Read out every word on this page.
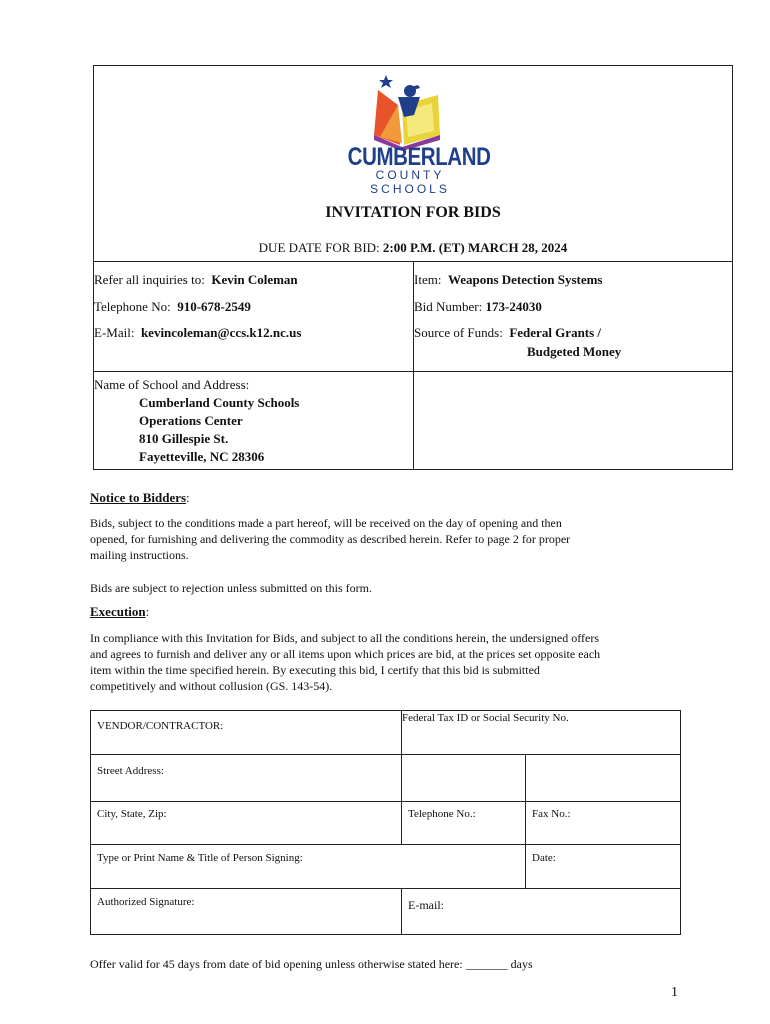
CUMBERLAND
COUNTY SCHOOLS
INVITATION FOR BIDS
DUE DATE FOR BID: 2:00 P.M. (ET) MARCH 28, 2024
Refer all inquiries to: Kevin Coleman
Telephone No: 910-678-2549
E-Mail: kevincoleman@ccs.k12.nc.us
Item: Weapons Detection Systems
Bid Number: 173-24030
Source of Funds: Federal Grants /
Budgeted Money
Name of School and Address:
Cumberland County Schools
Operations Center
810 Gillespie St.
Fayetteville, NC 28306
Notice to Bidders:
Bids, subject to the conditions made a part hereof, will be received on the day of opening and then
opened, for furnishing and delivering the commodity as described herein. Refer to page 2 for proper
mailing instructions.
Bids are subject to rejection unless submitted on this form.
Execution:
In compliance with this Invitation for Bids, and subject to all the conditions herein, the undersigned offers
and agrees to furnish and deliver any or all items upon which prices are bid, at the prices set opposite each
item within the time specified herein. By executing this bid, I certify that this bid is submitted
competitively and without collusion (GS. 143-54).
VENDOR/CONTRACTOR:
Federal Tax ID or Social Security No.
Street Address:
City, State, Zip:	Telephone No.:	Fax No.:
Type or Print Name & Title of Person Signing:	Date:
Authorized Signature:	E-mail:
Offer valid for 45 days from date of bid opening unless otherwise stated here: _______ days
1
